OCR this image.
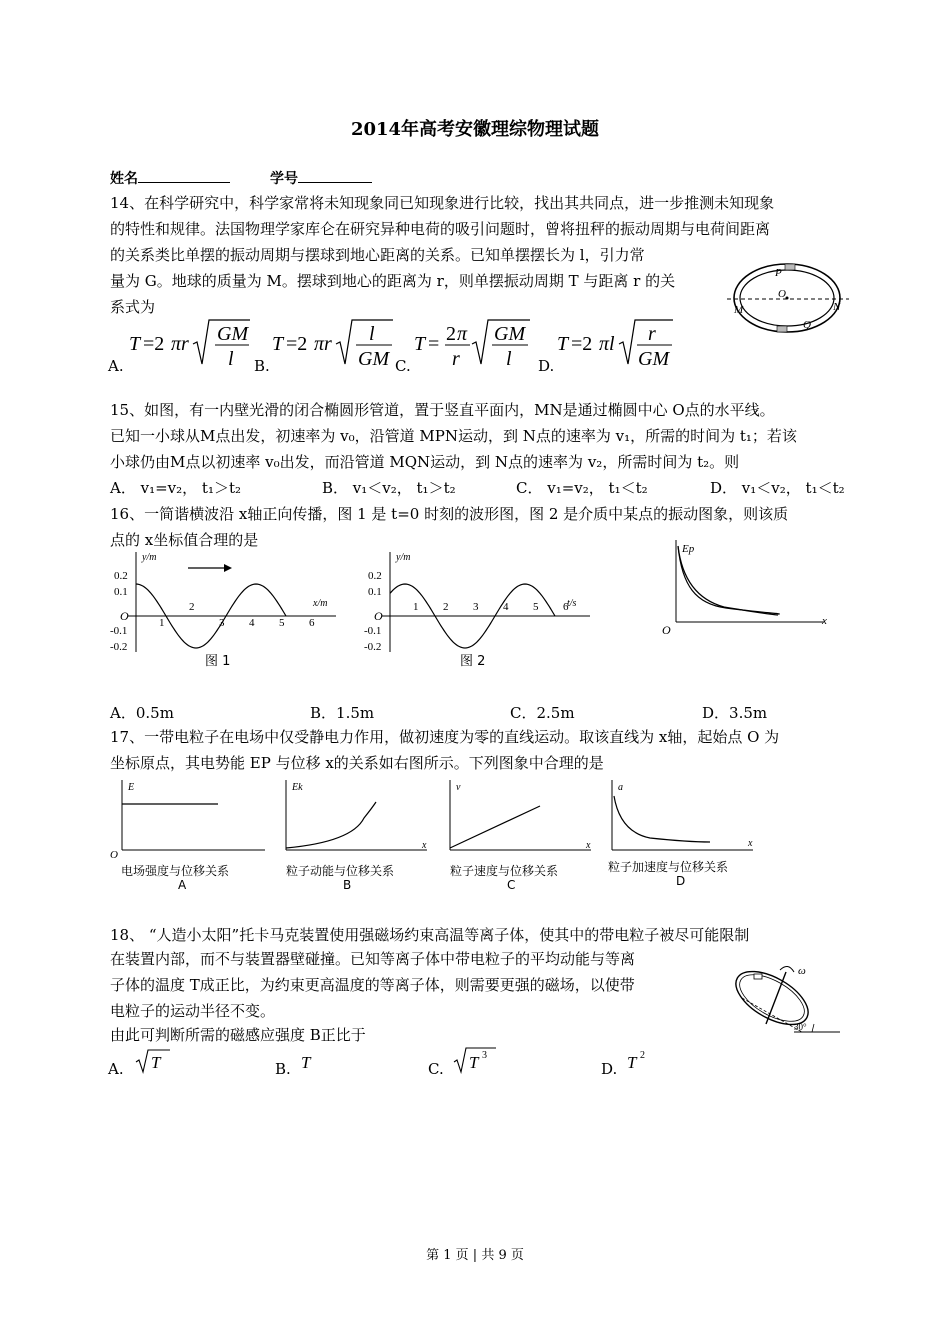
2014年高考安徽理综物理试题
姓名	学号
14、在科学研究中，科学家常将未知现象同已知现象进行比较，找出其共同点，进一步推测未知现象
的特性和规律。法国物理学家库仑在研究异种电荷的吸引问题时，曾将扭秤的振动周期与电荷间距离
的关系类比单摆的振动周期与摆球到地心距离的关系。已知单摆摆长为 l，引力常
量为 G。地球的质量为 M。摆球到地心的距离为 r，则单摆振动周期 T 与距离 r 的关
系式为
P
O
M	N
Q
A.
T =2 πr GM
l B.
T =2 πr l
GM C.
T = 2 π
r
GM
l D.
T =2 πl r
GM
15、如图，有一内壁光滑的闭合椭圆形管道，置于竖直平面内，MN是通过椭圆中心 O点的水平线。
已知一小球从M点出发，初速率为 v₀，沿管道 MPN运动，到 N点的速率为 v₁，所需的时间为 t₁；若该
小球仍由M点以初速率 v₀出发，而沿管道 MQN运动，到 N点的速率为 v₂，所需时间为 t₂。则
A． v₁=v₂， t₁＞t₂	B． v₁＜v₂， t₁＞t₂	C． v₁=v₂， t₁＜t₂	D． v₁＜v₂， t₁＜t₂
16、一简谐横波沿 x轴正向传播，图 1 是 t=0 时刻的波形图，图 2 是介质中某点的振动图象，则该质
点的 x坐标值合理的是
y/m
x/m
0.2
0.1
O
-0.1
-0.2
1
2
3 4 5 6
图 1
y/m
t/s
0.2
0.1
O
-0.1
-0.2
1 2 3 4 5 6
图 2
Ep
x
O
A．0.5m	B．1.5m	C．2.5m	D．3.5m
17、一带电粒子在电场中仅受静电力作用，做初速度为零的直线运动。取该直线为 x轴，起始点 O 为
坐标原点，其电势能 EP 与位移 x的关系如右图所示。下列图象中合理的是
E
O
Ek
x
v
x
a
x
电场强度与位移关系
A
粒子动能与位移关系
B
粒子速度与位移关系
C
粒子加速度与位移关系
D
18、 “人造小太阳”托卡马克装置使用强磁场约束高温等离子体，使其中的带电粒子被尽可能限制
在装置内部，而不与装置器壁碰撞。已知等离子体中带电粒子的平均动能与等离
子体的温度 T成正比，为约束更高温度的等离子体，则需要更强的磁场，以使带
电粒子的运动半径不变。
由此可判断所需的磁感应强度 B正比于
ω
30°
A. T	B. T	C. T 3
D. T 2
第 1 页 | 共 9 页
